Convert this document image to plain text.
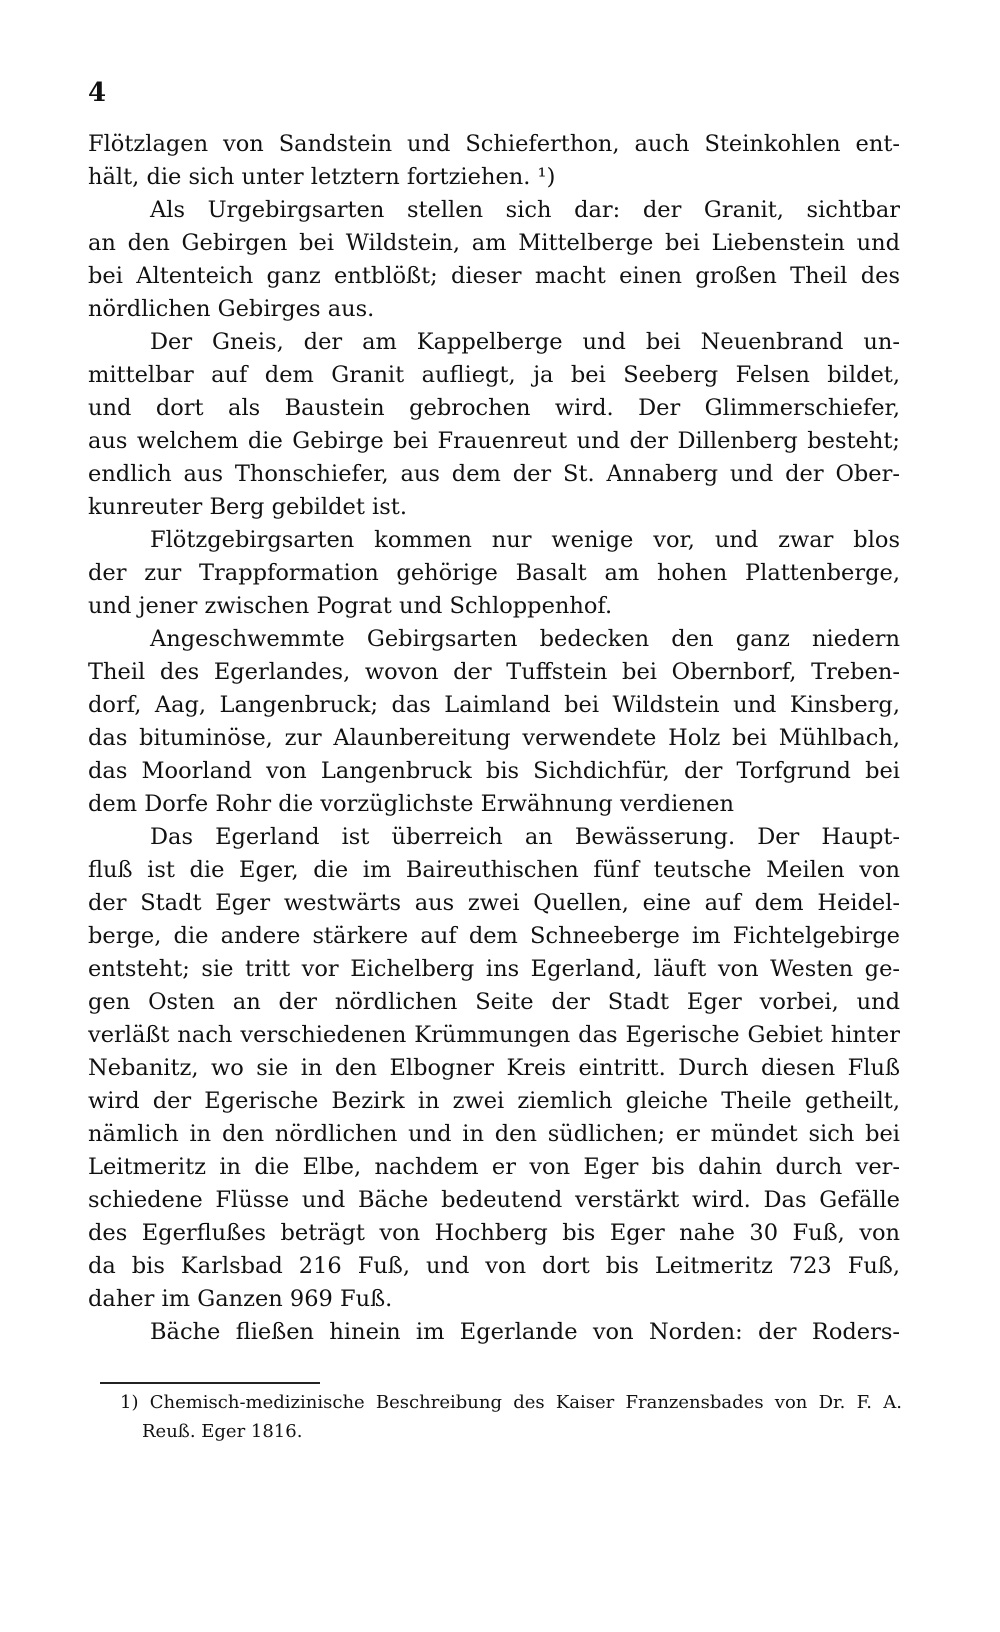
4
Flötzlagen von Sandstein und Schieferthon, auch Steinkohlen ent-
hält, die sich unter letztern fortziehen. ¹)
Als Urgebirgsarten stellen sich dar: der Granit, sichtbar
an den Gebirgen bei Wildstein, am Mittelberge bei Liebenstein und
bei Altenteich ganz entblößt; dieser macht einen großen Theil des
nördlichen Gebirges aus.
Der Gneis, der am Kappelberge und bei Neuenbrand un-
mittelbar auf dem Granit aufliegt, ja bei Seeberg Felsen bildet,
und dort als Baustein gebrochen wird. Der Glimmerschiefer,
aus welchem die Gebirge bei Frauenreut und der Dillenberg besteht;
endlich aus Thonschiefer, aus dem der St. Annaberg und der Ober-
kunreuter Berg gebildet ist.
Flötzgebirgsarten kommen nur wenige vor, und zwar blos
der zur Trappformation gehörige Basalt am hohen Plattenberge,
und jener zwischen Pograt und Schloppenhof.
Angeschwemmte Gebirgsarten bedecken den ganz niedern
Theil des Egerlandes, wovon der Tuffstein bei Obernborf, Treben-
dorf, Aag, Langenbruck; das Laimland bei Wildstein und Kinsberg,
das bituminöse, zur Alaunbereitung verwendete Holz bei Mühlbach,
das Moorland von Langenbruck bis Sichdichfür, der Torfgrund bei
dem Dorfe Rohr die vorzüglichste Erwähnung verdienen
Das Egerland ist überreich an Bewässerung. Der Haupt-
fluß ist die Eger, die im Baireuthischen fünf teutsche Meilen von
der Stadt Eger westwärts aus zwei Quellen, eine auf dem Heidel-
berge, die andere stärkere auf dem Schneeberge im Fichtelgebirge
entsteht; sie tritt vor Eichelberg ins Egerland, läuft von Westen ge-
gen Osten an der nördlichen Seite der Stadt Eger vorbei, und
verläßt nach verschiedenen Krümmungen das Egerische Gebiet hinter
Nebanitz, wo sie in den Elbogner Kreis eintritt. Durch diesen Fluß
wird der Egerische Bezirk in zwei ziemlich gleiche Theile getheilt,
nämlich in den nördlichen und in den südlichen; er mündet sich bei
Leitmeritz in die Elbe, nachdem er von Eger bis dahin durch ver-
schiedene Flüsse und Bäche bedeutend verstärkt wird. Das Gefälle
des Egerflußes beträgt von Hochberg bis Eger nahe 30 Fuß, von
da bis Karlsbad 216 Fuß, und von dort bis Leitmeritz 723 Fuß,
daher im Ganzen 969 Fuß.
Bäche fließen hinein im Egerlande von Norden: der Roders-
1) Chemisch-medizinische Beschreibung des Kaiser Franzensbades von Dr. F. A.
Reuß. Eger 1816.
